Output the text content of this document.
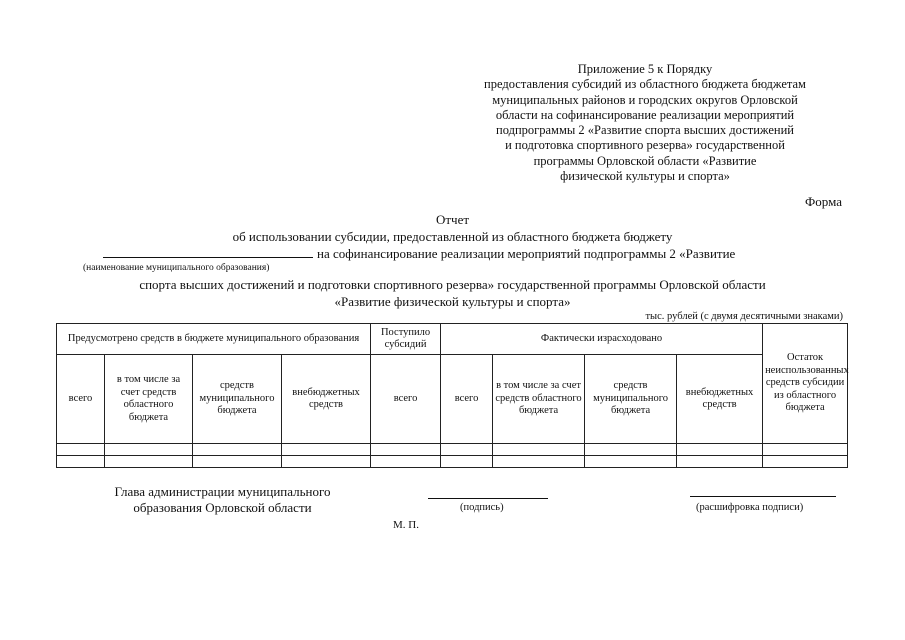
Приложение 5 к Порядку
предоставления субсидий из областного бюджета бюджетам
муниципальных районов и городских округов Орловской
области на софинансирование реализации мероприятий
подпрограммы 2 «Развитие спорта высших достижений
и подготовка спортивного резерва» государственной
программы Орловской области «Развитие
физической культуры и спорта»
Форма
Отчет
об использовании субсидии, предоставленной из областного бюджета бюджету
на софинансирование реализации мероприятий подпрограммы 2 «Развитие
(наименование муниципального образования)
спорта высших достижений и подготовки спортивного резерва» государственной программы Орловской области
«Развитие физической культуры и спорта»
тыс. рублей (с двумя десятичными знаками)
Предусмотрено средств в бюджете муниципального образования				Поступило субсидий	Фактически израсходовано				Остаток неиспользованных средств субсидии из областного бюджета
всего	в том числе за счет средств областного бюджета	средств муниципального бюджета	внебюджетных средств	всего	всего	в том числе за счет средств областного бюджета	средств муниципального бюджета	внебюджетных средств	

Глава администрации муниципального образования Орловской области	(подпись)	(расшифровка подписи)
М. П.
